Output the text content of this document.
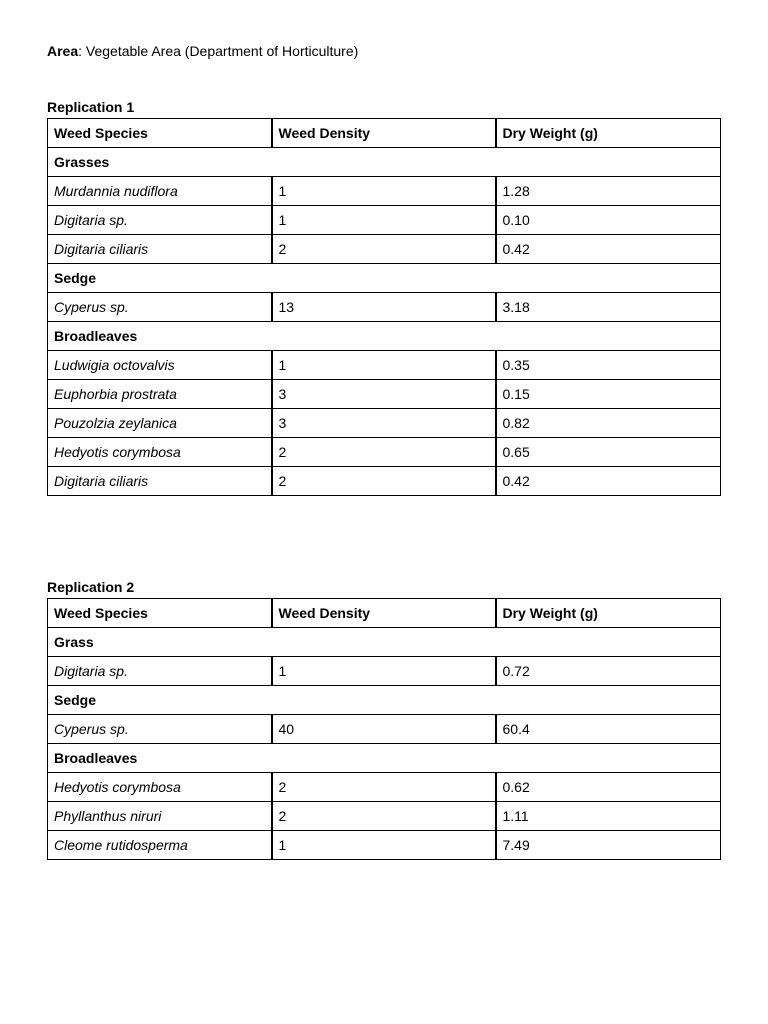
Area: Vegetable Area (Department of Horticulture)
Replication 1
Weed Species	Weed Density	Dry Weight (g)
Grasses		
Murdannia nudiflora	1	1.28
Digitaria sp.	1	0.10
Digitaria ciliaris	2	0.42
Sedge		
Cyperus sp.	13	3.18
Broadleaves		
Ludwigia octovalvis	1	0.35
Euphorbia prostrata	3	0.15
Pouzolzia zeylanica	3	0.82
Hedyotis corymbosa	2	0.65
Digitaria ciliaris	2	0.42
Replication 2
Weed Species	Weed Density	Dry Weight (g)
Grass		
Digitaria sp.	1	0.72
Sedge		
Cyperus sp.	40	60.4
Broadleaves		
Hedyotis corymbosa	2	0.62
Phyllanthus niruri	2	1.11
Cleome rutidosperma	1	7.49
